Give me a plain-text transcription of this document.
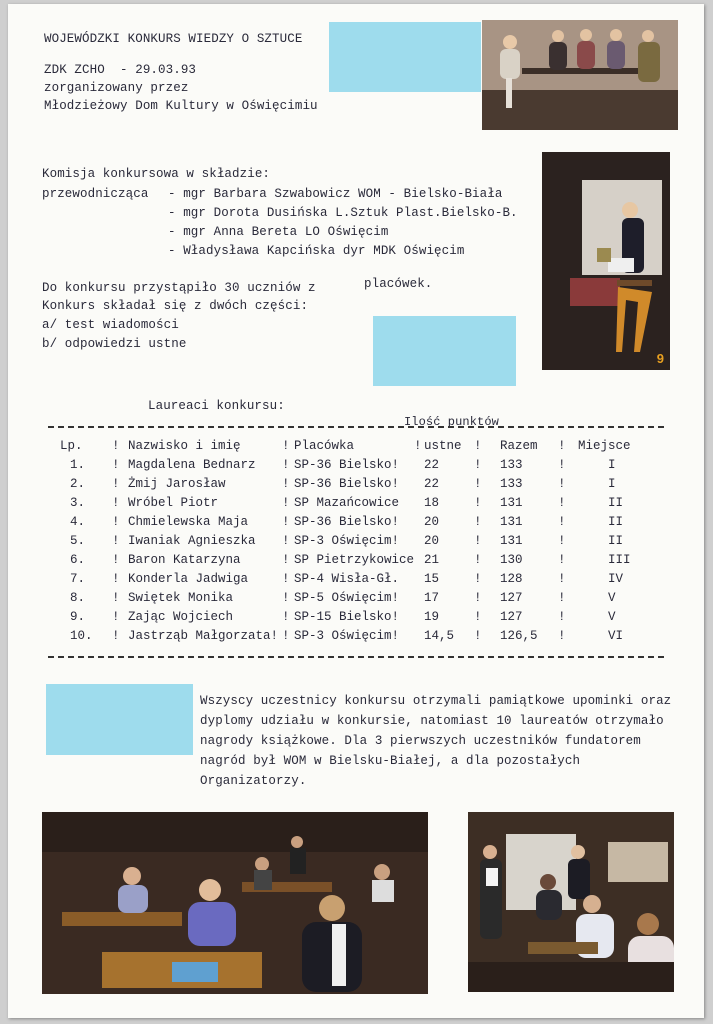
WOJEWÓDZKI KONKURS WIEDZY O SZTUCE
ZDK ZCHO  - 29.03.93
zorganizowany przez
Młodzieżowy Dom Kultury w Oświęcimiu
9
Komisja konkursowa w składzie:
przewodnicząca - mgr Barbara Szwabowicz WOM - Bielsko-Biała
- mgr Dorota Dusińska L.Sztuk Plast.Bielsko-B.
- mgr Anna Bereta LO Oświęcim
- Władysława Kapcińska dyr MDK Oświęcim
Do konkursu przystąpiło 30 uczniów z	placówek.
Konkurs składał się z dwóch części:
a/ test wiadomości
b/ odpowiedzi ustne
Laureaci konkursu:
Ilość punktów
Lp.	!	Nazwisko i imię	!	Placówka	!	ustne	!	Razem	!	Miejsce
1.	!	Magdalena Bednarz	!	SP-36 Bielsko!		22	!	133	!	I
2.	!	Żmij Jarosław	!	SP-36 Bielsko!		22	!	133	!	I
3.	!	Wróbel Piotr	!	SP Mazańcowice		18	!	131	!	II
4.	!	Chmielewska Maja	!	SP-36 Bielsko!		20	!	131	!	II
5.	!	Iwaniak Agnieszka	!	SP-3 Oświęcim!		20	!	131	!	II
6.	!	Baron Katarzyna	!	SP Pietrzykowice		21	!	130	!	III
7.	!	Konderla Jadwiga	!	SP-4 Wisła-Gł.		15	!	128	!	IV
8.	!	Swiętek Monika	!	SP-5 Oświęcim!		17	!	127	!	V
9.	!	Zając Wojciech	!	SP-15 Bielsko!		19	!	127	!	V
10.	!	Jastrząb Małgorzata!	!	SP-3 Oświęcim!		14,5	!	126,5	!	VI
Wszyscy uczestnicy konkursu otrzymali pamiątkowe upominki oraz
dyplomy udziału w konkursie, natomiast 10 laureatów otrzymało
nagrody książkowe. Dla 3 pierwszych uczestników fundatorem
nagród był WOM w Bielsku-Białej, a dla pozostałych
Organizatorzy.
